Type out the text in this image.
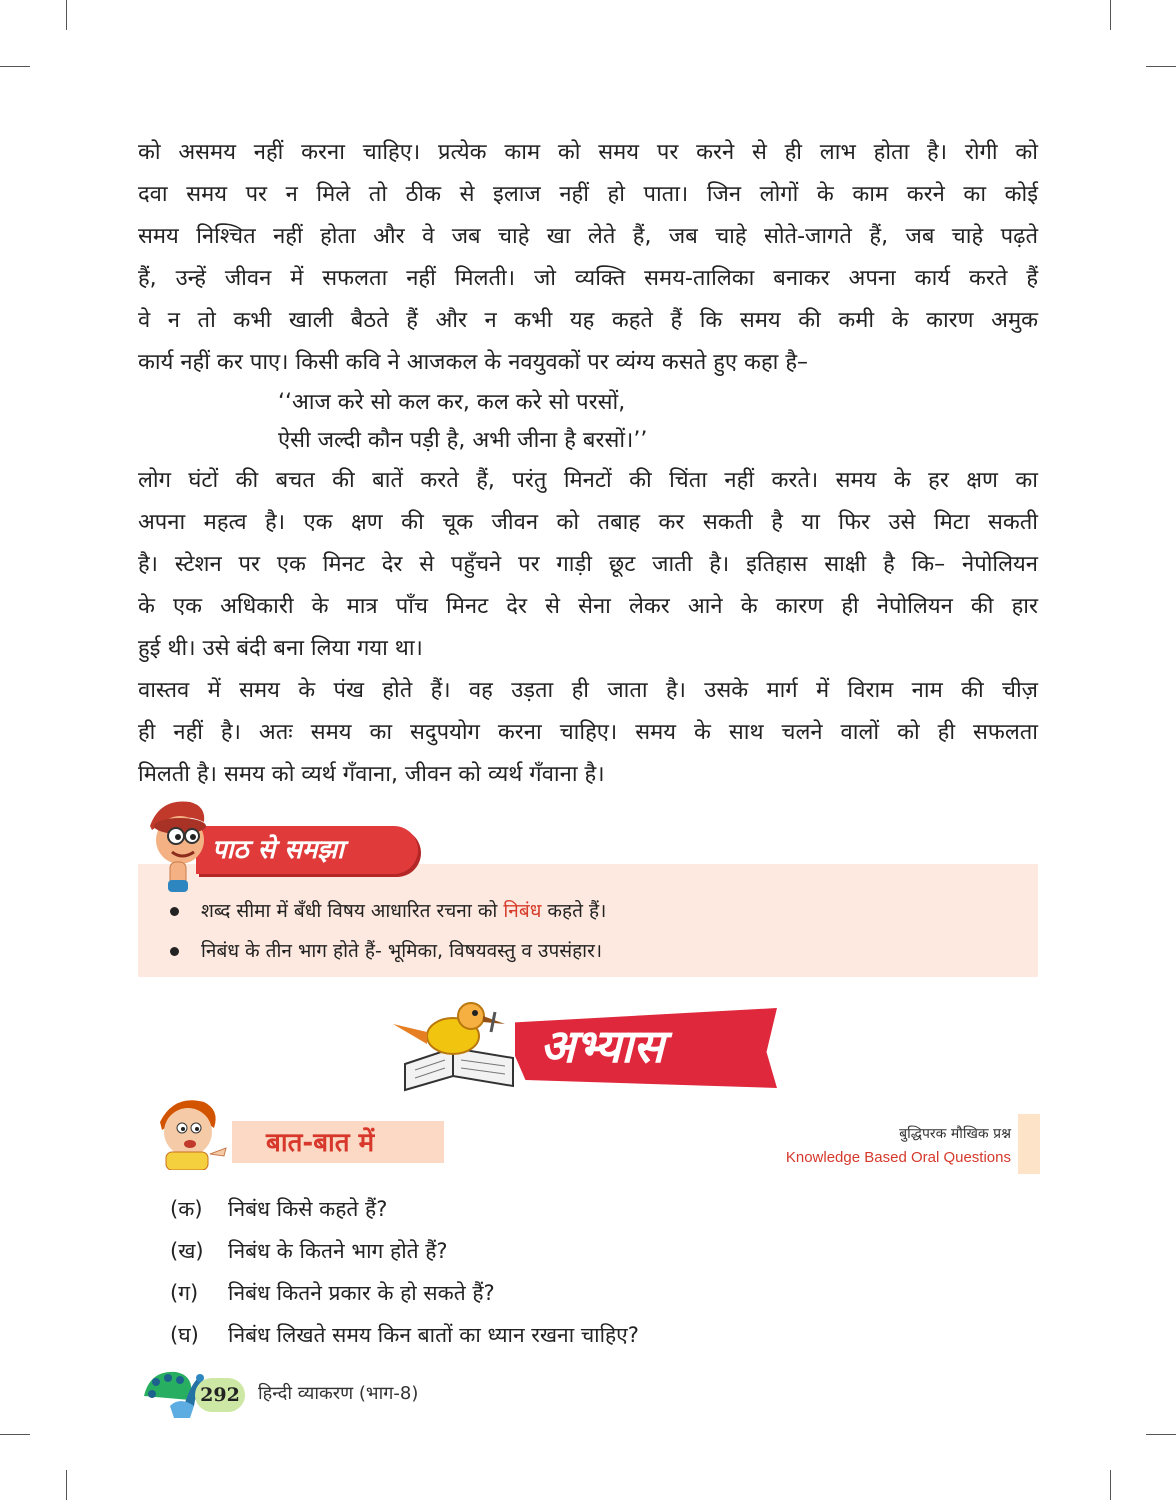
को असमय नहीं करना चाहिए। प्रत्येक काम को समय पर करने से ही लाभ होता है। रोगी को
दवा समय पर न मिले तो ठीक से इलाज नहीं हो पाता। जिन लोगों के काम करने का कोई
समय निश्चित नहीं होता और वे जब चाहे खा लेते हैं, जब चाहे सोते-जागते हैं, जब चाहे पढ़ते
हैं, उन्हें जीवन में सफलता नहीं मिलती। जो व्यक्ति समय-तालिका बनाकर अपना कार्य करते हैं
वे न तो कभी खाली बैठते हैं और न कभी यह कहते हैं कि समय की कमी के कारण अमुक
कार्य नहीं कर पाए। किसी कवि ने आजकल के नवयुवकों पर व्यंग्य कसते हुए कहा है–
‘‘आज करे सो कल कर, कल करे सो परसों,
ऐसी जल्दी कौन पड़ी है, अभी जीना है बरसों।’’
लोग घंटों की बचत की बातें करते हैं, परंतु मिनटों की चिंता नहीं करते। समय के हर क्षण का
अपना महत्व है। एक क्षण की चूक जीवन को तबाह कर सकती है या फिर उसे मिटा सकती
है। स्टेशन पर एक मिनट देर से पहुँचने पर गाड़ी छूट जाती है। इतिहास साक्षी है कि– नेपोलियन
के एक अधिकारी के मात्र पाँच मिनट देर से सेना लेकर आने के कारण ही नेपोलियन की हार
हुई थी। उसे बंदी बना लिया गया था।
वास्तव में समय के पंख होते हैं। वह उड़ता ही जाता है। उसके मार्ग में विराम नाम की चीज़
ही नहीं है। अतः समय का सदुपयोग करना चाहिए। समय के साथ चलने वालों को ही सफलता
मिलती है। समय को व्यर्थ गँवाना, जीवन को व्यर्थ गँवाना है।
पाठ से समझा
शब्द सीमा में बँधी विषय आधारित रचना को निबंध कहते हैं।
निबंध के तीन भाग होते हैं- भूमिका, विषयवस्तु व उपसंहार।
अभ्यास
बात-बात में	बुद्धिपरक मौखिक प्रश्न
Knowledge Based Oral Questions
(क) निबंध किसे कहते हैं?
(ख) निबंध के कितने भाग होते हैं?
(ग) निबंध कितने प्रकार के हो सकते हैं?
(घ) निबंध लिखते समय किन बातों का ध्यान रखना चाहिए?
292 हिन्दी व्याकरण (भाग-8)
